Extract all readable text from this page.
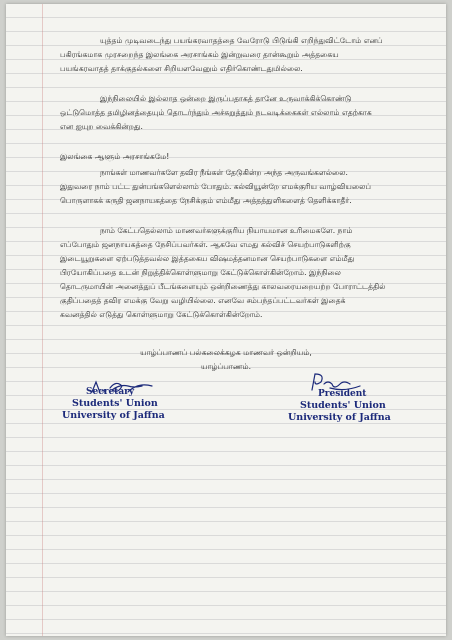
யுத்தம் முடிவடைந்து பயங்கரவாதத்தை வேரோடு பிடுங்கி எறிந்துவிட்டோம் எனப்
பகிரங்கமாக முரசறைந்த இலங்கை அரசாங்கம் இன்றுவரை தான்கூறும் அத்தகைய
பயங்கரவாதத் தாக்குதல்களை சிறியளவேனும் எதிர்கொண்டதுமில்லை.

இந்நிலையில் இல்லாத ஒன்றை இருப்பதாகத் தானே உருவாக்கிக்கொண்டு
ஒட்டுமொத்த தமிழினத்தையும் தொடர்ந்தும் அச்சுறுத்தும் நடவடிக்கைகள் எல்லாம் எதற்காக
என ஐயுற வைக்கின்றது.

இலங்கை ஆளும் அரசாங்கமே!

நாங்கள் மாணவர்களே தவிர நீங்கள் தேடுகின்ற அந்த அருவங்களல்லை.
இதுவரை நாம் பட்ட துன்பங்களெல்லாம் போதும். கல்வியூன்றே எமக்குரிய வாழ்வியலைப்
பொருளாகக் கருதி ஜனநாயகத்தை நேசிக்கும் எம்மீது அத்தத்துளிகளைத் தெளிக்காதீர்.

நாம் கேட்பதெல்லாம் மாணவர்களுக்குரிய நியாயமான உரிமைகளே. நாம்
எப்போதும் ஜனநாயகத்தை நேசிப்பவர்கள். ஆகவே எமது கல்விச் செயற்பாடுகளிற்கு
இடையூறுகளை ஏற்படுத்தவல்ல இத்தகைய விஷமத்தனமான செயற்பாடுகளை எம்மீது
பிரயோகிப்பதை உடன் நிறுத்திக்கொள்ளுமாறு கேட்டுக்கொள்கின்றோம். இந்நிலை
தொடருமாயின் அனைத்துப் பீடங்களையும் ஒன்றிணைத்து காலவரையறையற்ற போராட்டத்தில்
குதிப்பதைத் தவிர எமக்கு வேறு வழியில்லை. எனவே சம்பந்தப்பட்டவர்கள் இதைக்
கவனத்தில் எடுத்து கொள்ளுமாறு கேட்டுக்கொள்கின்றோம்.

யாழ்ப்பாணப் பல்கலைக்கழக மாணவர் ஒன்றியம்,
யாழ்ப்பாணம்.
Secretary
Students' Union
University of Jaffna
President
Students' Union
University of Jaffna
